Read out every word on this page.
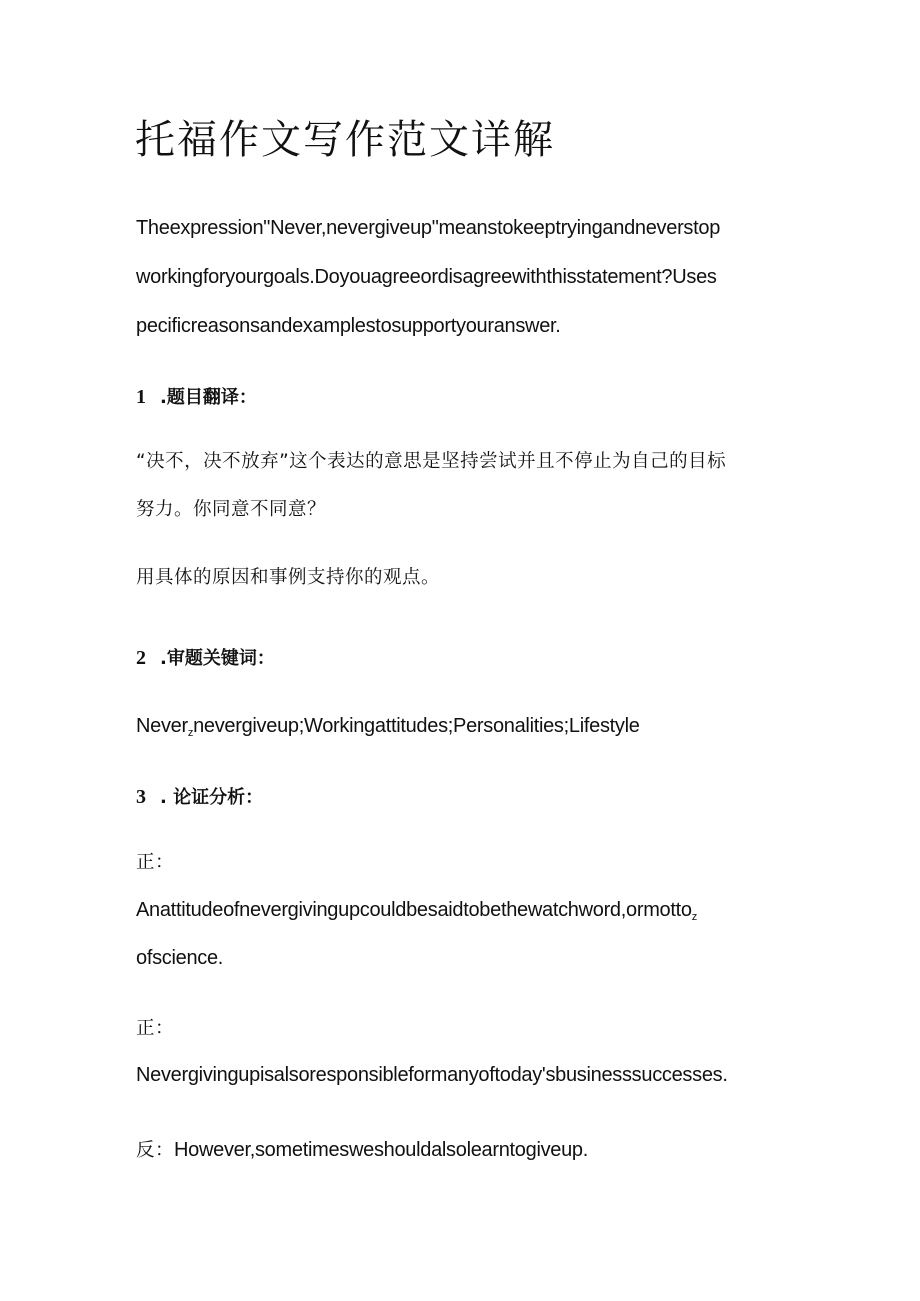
托福作文写作范文详解
Theexpression"Never,nevergiveup"meanstokeeptryingandneverstop
workingforyourgoals.Doyouagreeordisagreewiththisstatement?Uses
pecificreasonsandexamplestosupportyouranswer.
1 .题目翻译：
“决不，决不放弃”这个表达的意思是坚持尝试并且不停止为自己的目标
努力。你同意不同意？
用具体的原因和事例支持你的观点。
2 .审题关键词：
Never$_z$nevergiveup;Workingattitudes;Personalities;Lifestyle
3 . 论证分析：
正：
Anattitudeofnevergivingupcouldbesaidtobethewatchword,ormotto$_z$
ofscience.
正：
Nevergivingupisalsoresponsibleformanyoftoday'sbusinesssuccesses.
反：However,sometimesweshouldalsolearntogiveup.
